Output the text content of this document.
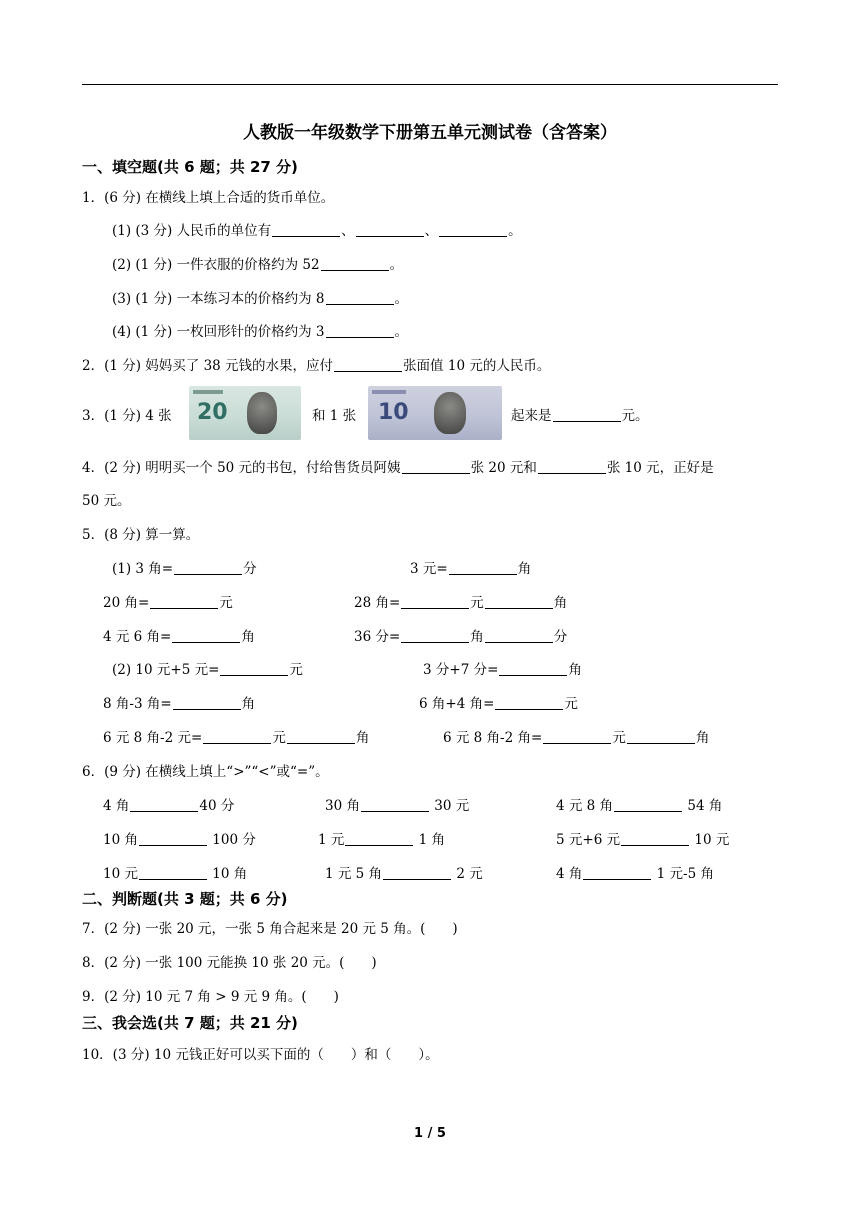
人教版一年级数学下册第五单元测试卷（含答案）
一、填空题(共 6 题；共 27 分)
1．(6 分) 在横线上填上合适的货币单位。
(1) (3 分) 人民币的单位有	、	、	。
(2) (1 分) 一件衣服的价格约为 52	。
(3) (1 分) 一本练习本的价格约为 8	。
(4) (1 分) 一枚回形针的价格约为 3	。
2．(1 分) 妈妈买了 38 元钱的水果，应付	张面值 10 元的人民币。
3．(1 分) 4 张 20	和 1 张 10	起来是	元。
4．(2 分) 明明买一个 50 元的书包，付给售货员阿姨	张 20 元和	张 10 元，正好是
50 元。
5．(8 分) 算一算。
(1) 3 角=	分	3 元=	角
20 角=	元	28 角=	元	角
4 元 6 角=	角	36 分=	角	分
(2) 10 元+5 元=	元	3 分+7 分=	角
8 角-3 角=	角	6 角+4 角=	元
6 元 8 角-2 元=	元	角	6 元 8 角-2 角=	元	角
6．(9 分) 在横线上填上“>”“<”或“=”。
4 角	40 分	30 角	30 元	4 元 8 角	54 角
10 角	100 分	1 元	1 角	5 元+6 元	10 元
10 元	10 角	1 元 5 角	2 元	4 角	1 元-5 角
二、判断题(共 3 题；共 6 分)
7．(2 分) 一张 20 元，一张 5 角合起来是 20 元 5 角。(　　)
8．(2 分) 一张 100 元能换 10 张 20 元。(　　)
9．(2 分) 10 元 7 角 > 9 元 9 角。(　　)
三、我会选(共 7 题；共 21 分)
10．(3 分) 10 元钱正好可以买下面的（　　）和（　　）。
1 / 5
